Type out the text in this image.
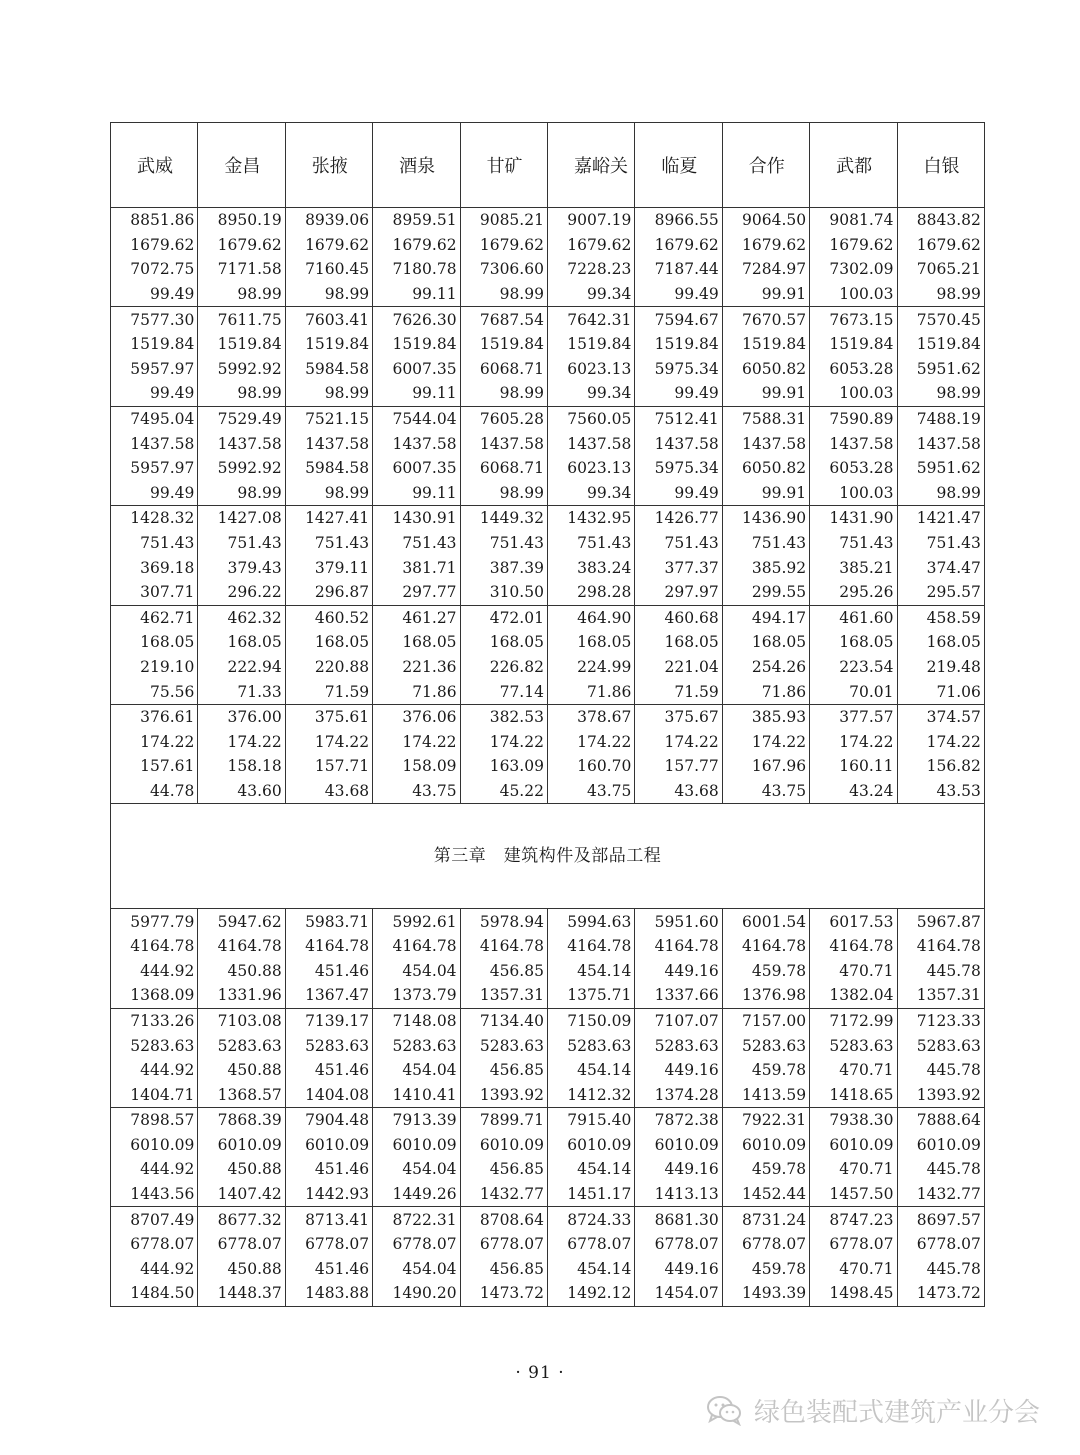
武威	金昌	张掖	酒泉	甘矿	嘉峪关	临夏	合作	武都	白银
8851.86	8950.19	8939.06	8959.51	9085.21	9007.19	8966.55	9064.50	9081.74	8843.82
1679.62	1679.62	1679.62	1679.62	1679.62	1679.62	1679.62	1679.62	1679.62	1679.62
7072.75	7171.58	7160.45	7180.78	7306.60	7228.23	7187.44	7284.97	7302.09	7065.21
99.49	98.99	98.99	99.11	98.99	99.34	99.49	99.91	100.03	98.99
7577.30	7611.75	7603.41	7626.30	7687.54	7642.31	7594.67	7670.57	7673.15	7570.45
1519.84	1519.84	1519.84	1519.84	1519.84	1519.84	1519.84	1519.84	1519.84	1519.84
5957.97	5992.92	5984.58	6007.35	6068.71	6023.13	5975.34	6050.82	6053.28	5951.62
99.49	98.99	98.99	99.11	98.99	99.34	99.49	99.91	100.03	98.99
7495.04	7529.49	7521.15	7544.04	7605.28	7560.05	7512.41	7588.31	7590.89	7488.19
1437.58	1437.58	1437.58	1437.58	1437.58	1437.58	1437.58	1437.58	1437.58	1437.58
5957.97	5992.92	5984.58	6007.35	6068.71	6023.13	5975.34	6050.82	6053.28	5951.62
99.49	98.99	98.99	99.11	98.99	99.34	99.49	99.91	100.03	98.99
1428.32	1427.08	1427.41	1430.91	1449.32	1432.95	1426.77	1436.90	1431.90	1421.47
751.43	751.43	751.43	751.43	751.43	751.43	751.43	751.43	751.43	751.43
369.18	379.43	379.11	381.71	387.39	383.24	377.37	385.92	385.21	374.47
307.71	296.22	296.87	297.77	310.50	298.28	297.97	299.55	295.26	295.57
462.71	462.32	460.52	461.27	472.01	464.90	460.68	494.17	461.60	458.59
168.05	168.05	168.05	168.05	168.05	168.05	168.05	168.05	168.05	168.05
219.10	222.94	220.88	221.36	226.82	224.99	221.04	254.26	223.54	219.48
75.56	71.33	71.59	71.86	77.14	71.86	71.59	71.86	70.01	71.06
376.61	376.00	375.61	376.06	382.53	378.67	375.67	385.93	377.57	374.57
174.22	174.22	174.22	174.22	174.22	174.22	174.22	174.22	174.22	174.22
157.61	158.18	157.71	158.09	163.09	160.70	157.77	167.96	160.11	156.82
44.78	43.60	43.68	43.75	45.22	43.75	43.68	43.75	43.24	43.53
第三章　建筑构件及部品工程									
5977.79	5947.62	5983.71	5992.61	5978.94	5994.63	5951.60	6001.54	6017.53	5967.87
4164.78	4164.78	4164.78	4164.78	4164.78	4164.78	4164.78	4164.78	4164.78	4164.78
444.92	450.88	451.46	454.04	456.85	454.14	449.16	459.78	470.71	445.78
1368.09	1331.96	1367.47	1373.79	1357.31	1375.71	1337.66	1376.98	1382.04	1357.31
7133.26	7103.08	7139.17	7148.08	7134.40	7150.09	7107.07	7157.00	7172.99	7123.33
5283.63	5283.63	5283.63	5283.63	5283.63	5283.63	5283.63	5283.63	5283.63	5283.63
444.92	450.88	451.46	454.04	456.85	454.14	449.16	459.78	470.71	445.78
1404.71	1368.57	1404.08	1410.41	1393.92	1412.32	1374.28	1413.59	1418.65	1393.92
7898.57	7868.39	7904.48	7913.39	7899.71	7915.40	7872.38	7922.31	7938.30	7888.64
6010.09	6010.09	6010.09	6010.09	6010.09	6010.09	6010.09	6010.09	6010.09	6010.09
444.92	450.88	451.46	454.04	456.85	454.14	449.16	459.78	470.71	445.78
1443.56	1407.42	1442.93	1449.26	1432.77	1451.17	1413.13	1452.44	1457.50	1432.77
8707.49	8677.32	8713.41	8722.31	8708.64	8724.33	8681.30	8731.24	8747.23	8697.57
6778.07	6778.07	6778.07	6778.07	6778.07	6778.07	6778.07	6778.07	6778.07	6778.07
444.92	450.88	451.46	454.04	456.85	454.14	449.16	459.78	470.71	445.78
1484.50	1448.37	1483.88	1490.20	1473.72	1492.12	1454.07	1493.39	1498.45	1473.72
· 91 ·
绿色装配式建筑产业分会
